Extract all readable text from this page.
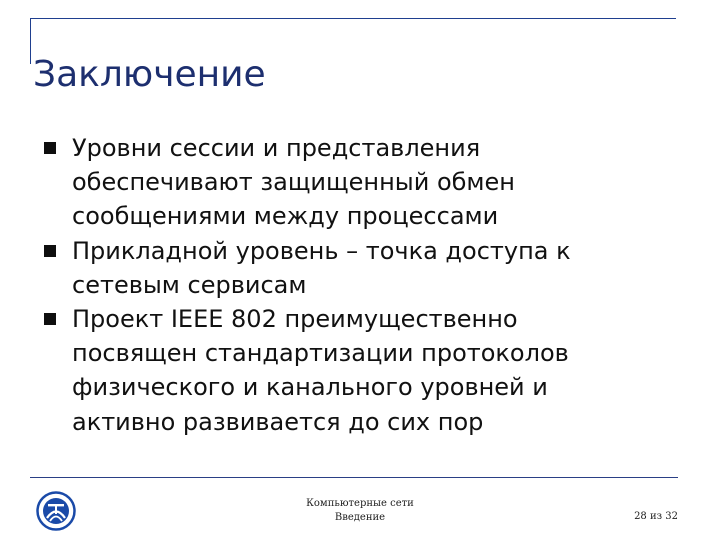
Заключение
Уровни сессии и представления
обеспечивают защищенный обмен
сообщениями между процессами
Прикладной уровень – точка доступа к
сетевым сервисам
Проект IEEE 802 преимущественно
посвящен стандартизации протоколов
физического и канального уровней и
активно развивается до сих пор
Компьютерные сети
Введение	28 из 32
